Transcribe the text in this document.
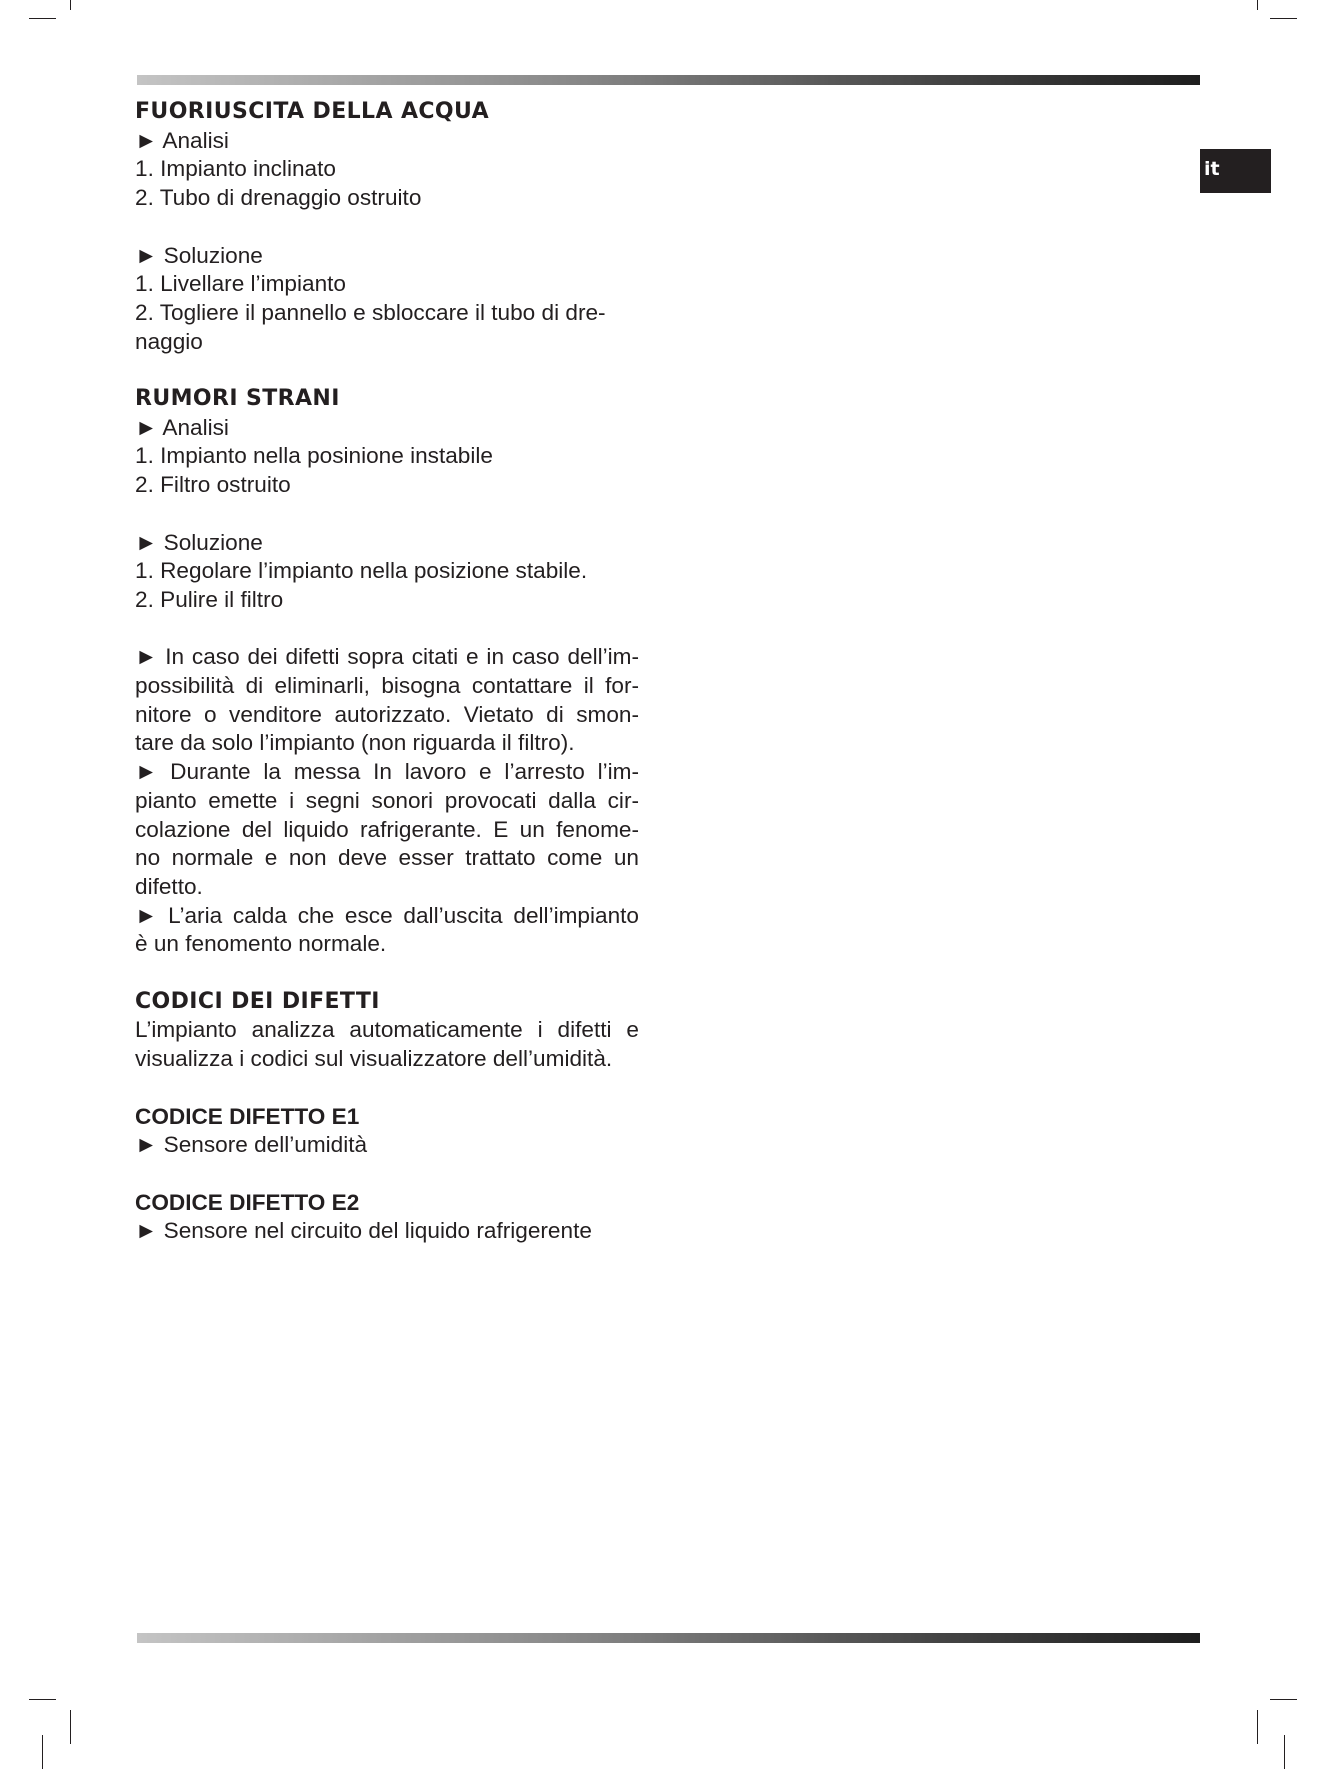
it
FUORIUSCITA DELLA ACQUA
► Analisi
1. Impianto inclinato
2. Tubo di drenaggio ostruito
► Soluzione
1. Livellare l’impianto
2. Togliere il pannello e sbloccare il tubo di dre-
naggio
RUMORI STRANI
► Analisi
1. Impianto nella posinione instabile
2. Filtro ostruito
► Soluzione
1. Regolare l’impianto nella posizione stabile.
2. Pulire il filtro
► In caso dei difetti sopra citati e in caso dell’im-
possibilità di eliminarli, bisogna contattare il for-
nitore o venditore autorizzato. Vietato di smon-
tare da solo l’impianto (non riguarda il filtro).
► Durante la messa In lavoro e l’arresto l’im-
pianto emette i segni sonori provocati dalla cir-
colazione del liquido rafrigerante. E un fenome-
no normale e non deve esser trattato come un
difetto.
► L’aria calda che esce dall’uscita dell’impianto
è un fenomento normale.
CODICI DEI DIFETTI
L’impianto analizza automaticamente i difetti e
visualizza i codici sul visualizzatore dell’umidità.
CODICE DIFETTO E1
► Sensore dell’umidità
CODICE DIFETTO E2
► Sensore nel circuito del liquido rafrigerente
